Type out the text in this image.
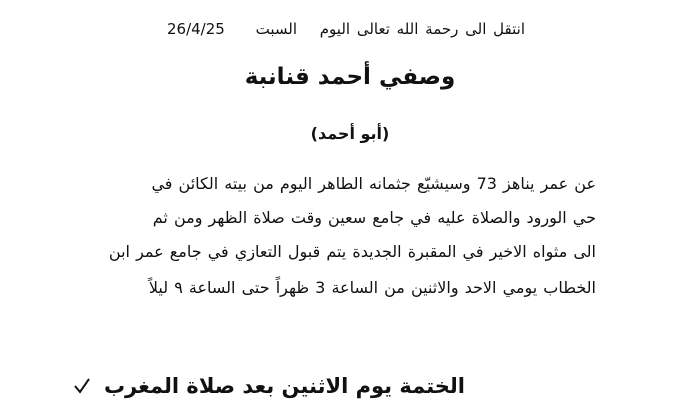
انتقل الى رحمة الله تعالى اليوم السبت 26/4/25
وصفي أحمد قنانبة
(أبو أحمد)
عن عمر يناهز 73 وسيشيّع جثمانه الطاهر اليوم من بيته الكائن في
حي الورود والصلاة عليه في جامع سعين وقت صلاة الظهر ومن ثم
الى مثواه الاخير في المقبرة الجديدة يتم قبول التعازي في جامع عمر ابن
الخطاب يومي الاحد والاثنين من الساعة 3 ظهراً حتى الساعة ٩ ليلاً
الختمة يوم الاثنين بعد صلاة المغرب
